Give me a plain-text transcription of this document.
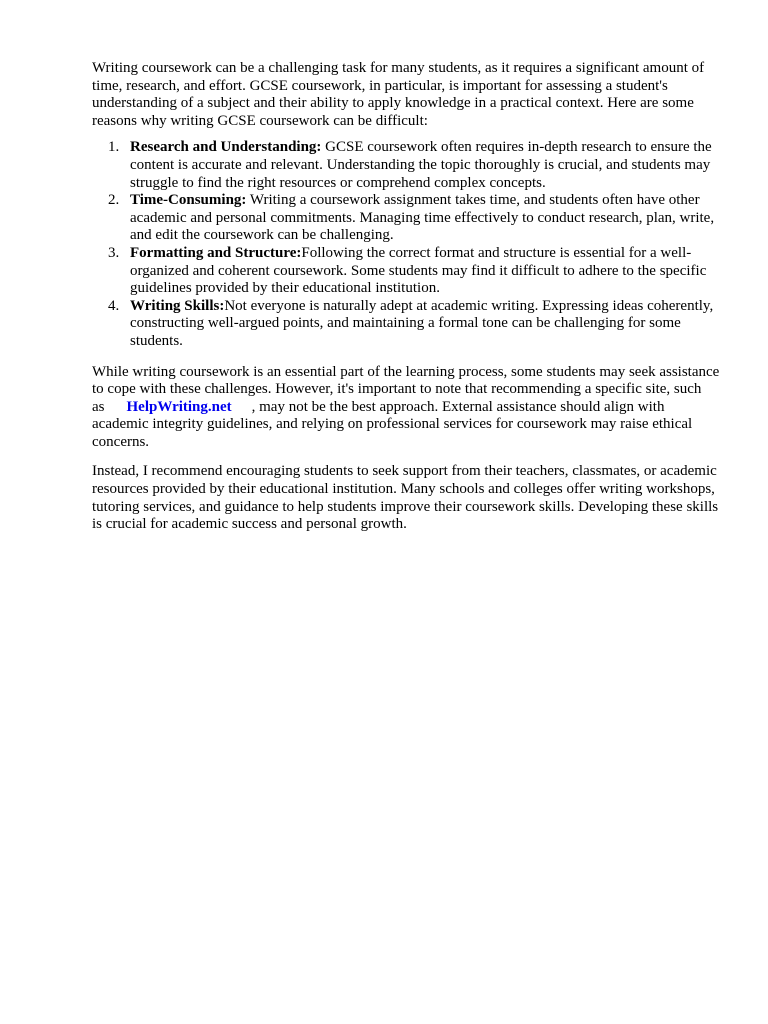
Writing coursework can be a challenging task for many students, as it requires a significant amount of time, research, and effort. GCSE coursework, in particular, is important for assessing a student's understanding of a subject and their ability to apply knowledge in a practical context. Here are some reasons why writing GCSE coursework can be difficult:

1. Research and Understanding: GCSE coursework often requires in-depth research to ensure the content is accurate and relevant. Understanding the topic thoroughly is crucial, and students may struggle to find the right resources or comprehend complex concepts.
2. Time-Consuming: Writing a coursework assignment takes time, and students often have other academic and personal commitments. Managing time effectively to conduct research, plan, write, and edit the coursework can be challenging.
3. Formatting and Structure:Following the correct format and structure is essential for a well-organized and coherent coursework. Some students may find it difficult to adhere to the specific guidelines provided by their educational institution.
4. Writing Skills:Not everyone is naturally adept at academic writing. Expressing ideas coherently, constructing well-argued points, and maintaining a formal tone can be challenging for some students.

While writing coursework is an essential part of the learning process, some students may seek assistance to cope with these challenges. However, it's important to note that recommending a specific site, such as HelpWriting.net , may not be the best approach. External assistance should align with academic integrity guidelines, and relying on professional services for coursework may raise ethical concerns.

Instead, I recommend encouraging students to seek support from their teachers, classmates, or academic resources provided by their educational institution. Many schools and colleges offer writing workshops, tutoring services, and guidance to help students improve their coursework skills. Developing these skills is crucial for academic success and personal growth.
